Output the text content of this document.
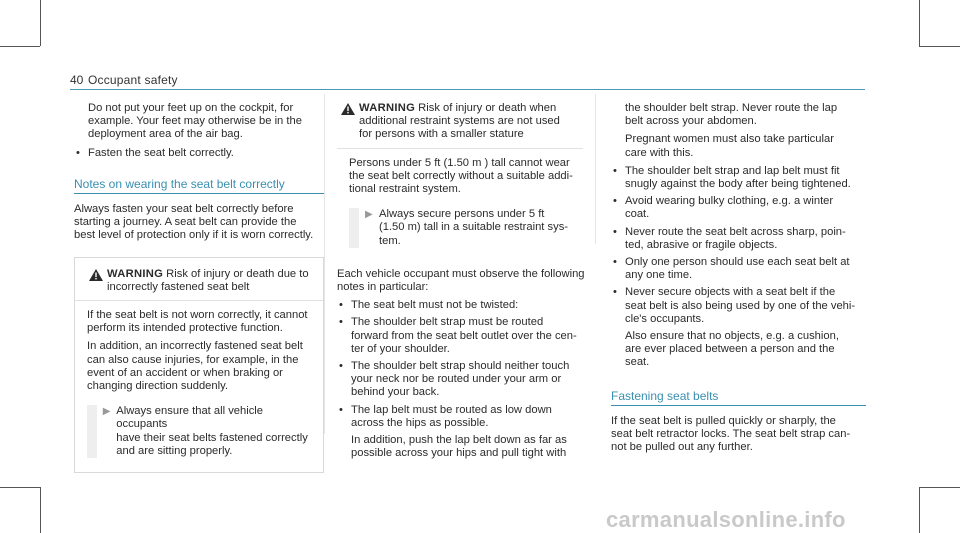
40 Occupant safety
Do not put your feet up on the cockpit, for
example. Your feet may otherwise be in the
deployment area of the air bag.
• Fasten the seat belt correctly.
Notes on wearing the seat belt correctly

Always fasten your seat belt correctly before
starting a journey. A seat belt can provide the
best level of protection only if it is worn correctly.

WARNING Risk of injury or death due to
incorrectly fastened seat belt

If the seat belt is not worn correctly, it cannot
perform its intended protective function.

In addition, an incorrectly fastened seat belt
can also cause injuries, for example, in the
event of an accident or when braking or
changing direction suddenly.

▶ Always ensure that all vehicle occupants
have their seat belts fastened correctly
and are sitting properly.
WARNING Risk of injury or death when
additional restraint systems are not used
for persons with a smaller stature

Persons under 5 ft (1.50 m ) tall cannot wear
the seat belt correctly without a suitable addi-
tional restraint system.

▶ Always secure persons under 5 ft
(1.50 m) tall in a suitable restraint sys-
tem.

Each vehicle occupant must observe the following
notes in particular:

• The seat belt must not be twisted:
• The shoulder belt strap must be routed
forward from the seat belt outlet over the cen-
ter of your shoulder.
• The shoulder belt strap should neither touch
your neck nor be routed under your arm or
behind your back.
• The lap belt must be routed as low down
across the hips as possible.
In addition, push the lap belt down as far as
possible across your hips and pull tight with

the shoulder belt strap. Never route the lap
belt across your abdomen.

Pregnant women must also take particular
care with this.

• The shoulder belt strap and lap belt must fit
snugly against the body after being tightened.
• Avoid wearing bulky clothing, e.g. a winter
coat.
• Never route the seat belt across sharp, poin-
ted, abrasive or fragile objects.
• Only one person should use each seat belt at
any one time.
• Never secure objects with a seat belt if the
seat belt is also being used by one of the vehi-
cle's occupants.
Also ensure that no objects, e.g. a cushion,
are ever placed between a person and the
seat.
Fastening seat belts

If the seat belt is pulled quickly or sharply, the
seat belt retractor locks. The seat belt strap can-
not be pulled out any further.

carmanualsonline.info
